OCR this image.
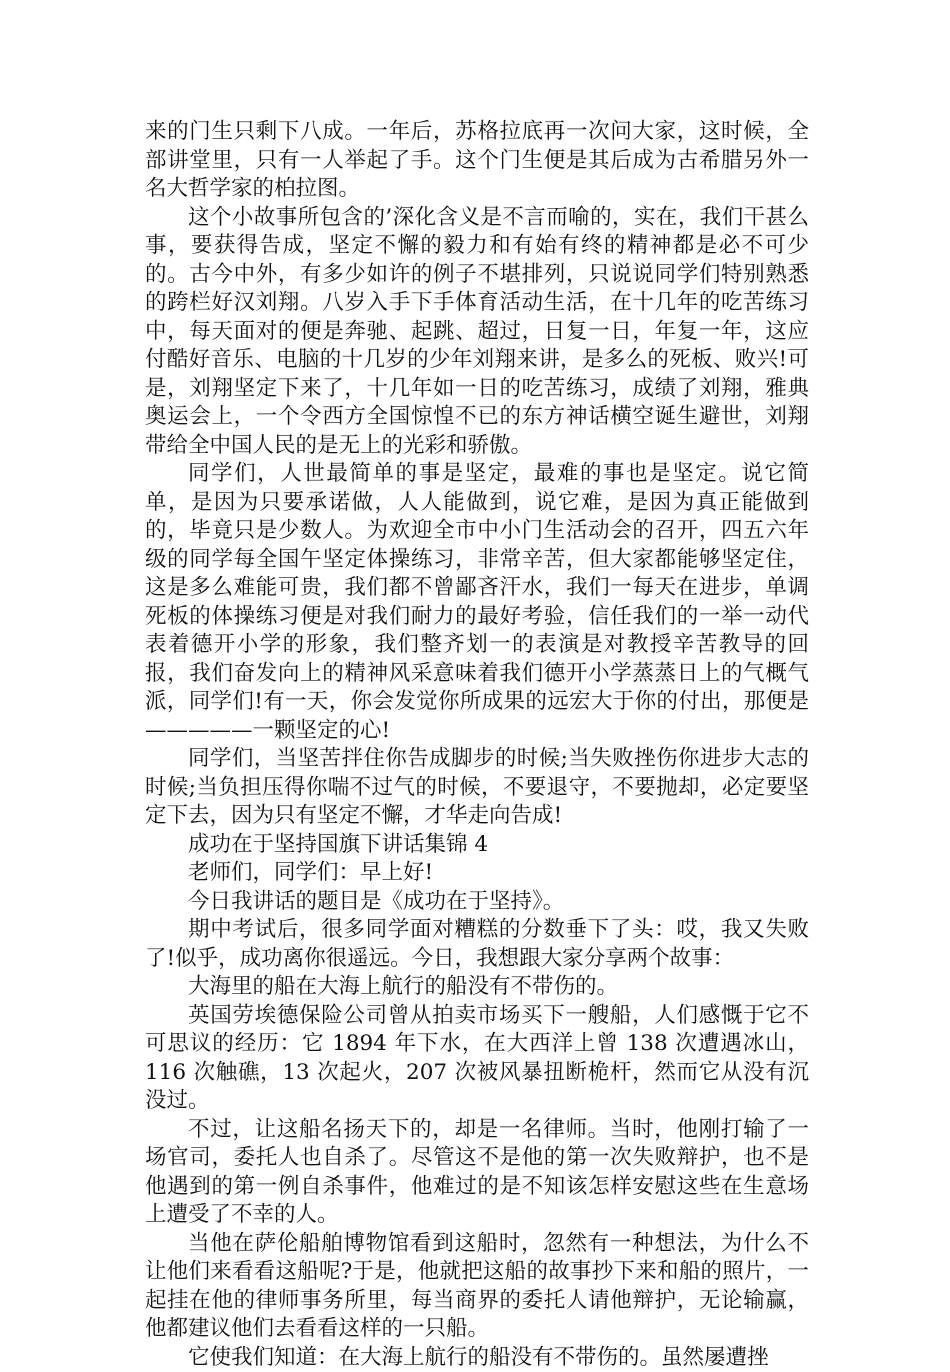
来的门生只剩下八成。一年后，苏格拉底再一次问大家，这时候，全部讲堂里，只有一人举起了手。这个门生便是其后成为古希腊另外一名大哲学家的柏拉图。

这个小故事所包含的’深化含义是不言而喻的，实在，我们干甚么事，要获得告成，坚定不懈的毅力和有始有终的精神都是必不可少的。古今中外，有多少如许的例子不堪排列，只说说同学们特别熟悉的跨栏好汉刘翔。八岁入手下手体育活动生活，在十几年的吃苦练习中，每天面对的便是奔驰、起跳、超过，日复一日，年复一年，这应付酷好音乐、电脑的十几岁的少年刘翔来讲，是多么的死板、败兴!可是，刘翔坚定下来了，十几年如一日的吃苦练习，成绩了刘翔，雅典奥运会上，一个令西方全国惊惶不已的东方神话横空诞生避世，刘翔带给全中国人民的是无上的光彩和骄傲。

同学们，人世最简单的事是坚定，最难的事也是坚定。说它简单，是因为只要承诺做，人人能做到，说它难，是因为真正能做到的，毕竟只是少数人。为欢迎全市中小门生活动会的召开，四五六年级的同学每全国午坚定体操练习，非常辛苦，但大家都能够坚定住，这是多么难能可贵，我们都不曾鄙吝汗水，我们一每天在进步，单调死板的体操练习便是对我们耐力的最好考验，信任我们的一举一动代表着德开小学的形象，我们整齐划一的表演是对教授辛苦教导的回报，我们奋发向上的精神风采意味着我们德开小学蒸蒸日上的气概气派，同学们!有一天，你会发觉你所成果的远宏大于你的付出，那便是—————一颗坚定的心!

同学们，当坚苦拌住你告成脚步的时候;当失败挫伤你进步大志的时候;当负担压得你喘不过气的时候，不要退守，不要抛却，必定要坚定下去，因为只有坚定不懈，才华走向告成!

成功在于坚持国旗下讲话集锦 4

老师们，同学们：早上好!

今日我讲话的题目是《成功在于坚持》。

期中考试后，很多同学面对糟糕的分数垂下了头：哎，我又失败了!似乎，成功离你很遥远。今日，我想跟大家分享两个故事：

大海里的船在大海上航行的船没有不带伤的。

英国劳埃德保险公司曾从拍卖市场买下一艘船，人们感慨于它不可思议的经历：它 1894 年下水，在大西洋上曾 138 次遭遇冰山，116 次触礁，13 次起火，207 次被风暴扭断桅杆，然而它从没有沉没过。

不过，让这船名扬天下的，却是一名律师。当时，他刚打输了一场官司，委托人也自杀了。尽管这不是他的第一次失败辩护，也不是他遇到的第一例自杀事件，他难过的是不知该怎样安慰这些在生意场上遭受了不幸的人。

当他在萨伦船舶博物馆看到这船时，忽然有一种想法，为什么不让他们来看看这船呢?于是，他就把这船的故事抄下来和船的照片，一起挂在他的律师事务所里，每当商界的委托人请他辩护，无论输赢，他都建议他们去看看这样的一只船。

它使我们知道：在大海上航行的船没有不带伤的。虽然屡遭挫
